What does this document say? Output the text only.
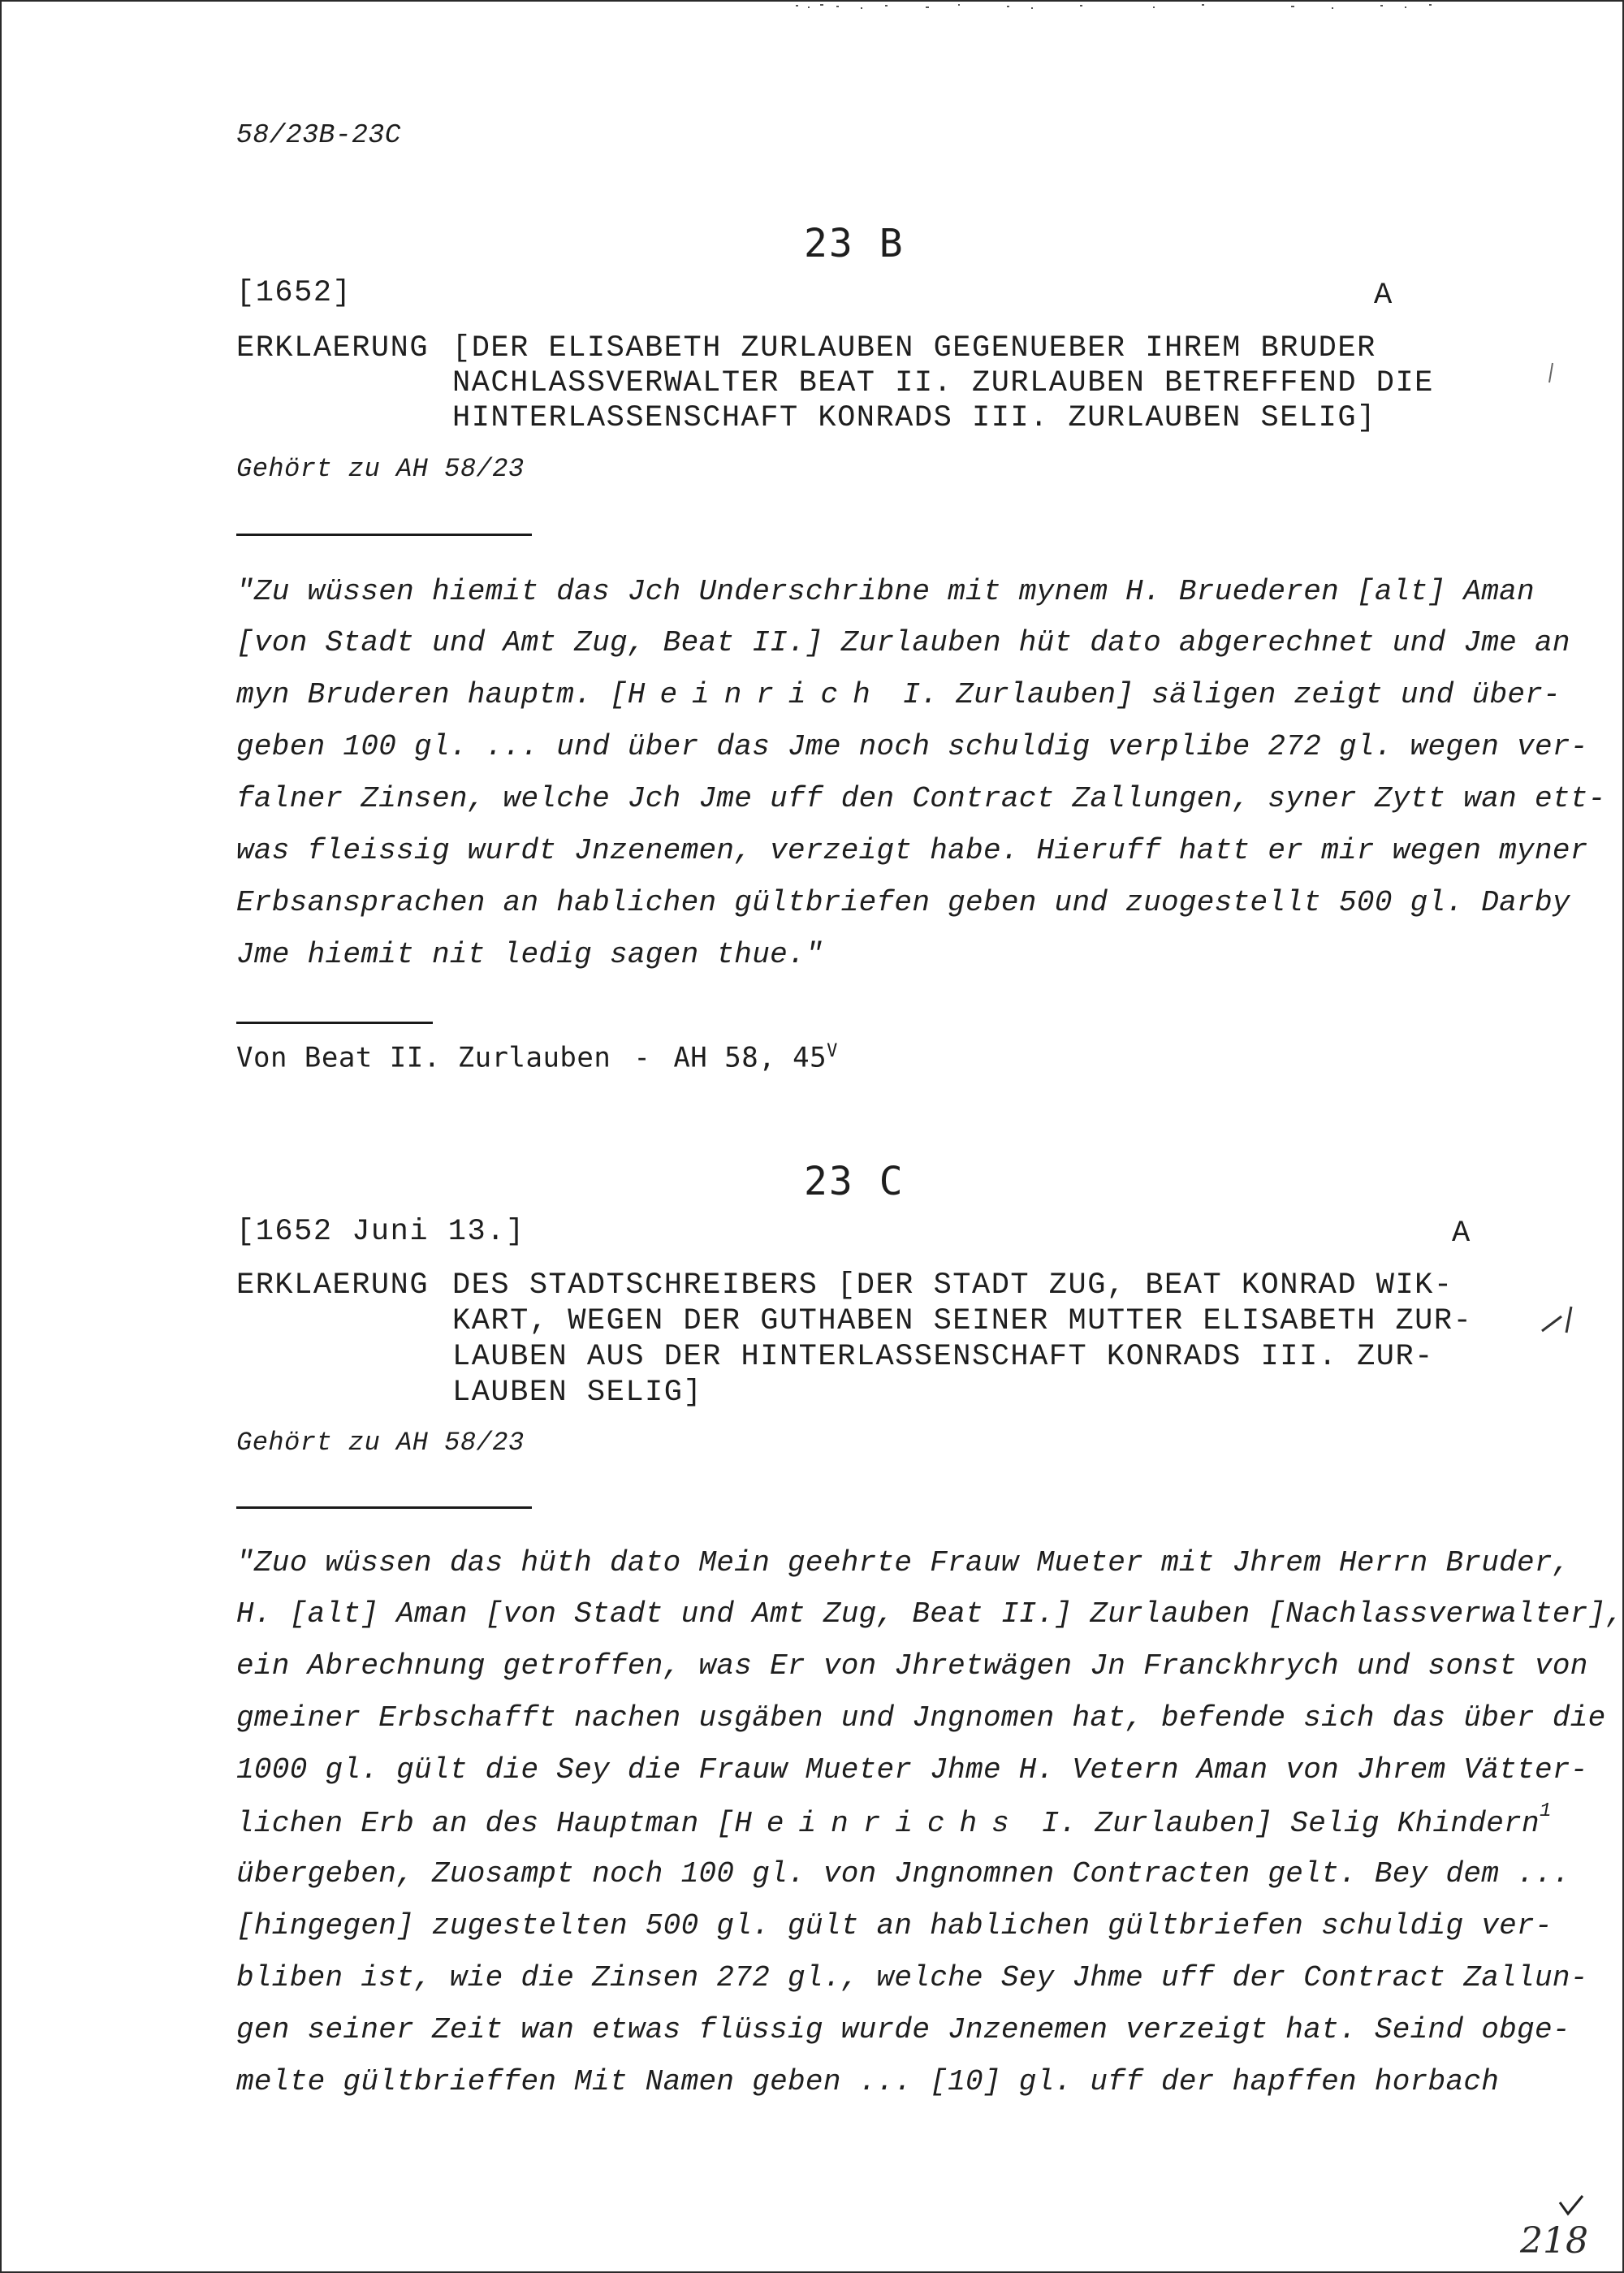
58/23B-23C
23 B
[1652]	A
ERKLAERUNG [DER ELISABETH ZURLAUBEN GEGENUEBER IHREM BRUDER
NACHLASSVERWALTER BEAT II. ZURLAUBEN BETREFFEND DIE
HINTERLASSENSCHAFT KONRADS III. ZURLAUBEN SELIG]
Gehört zu AH 58/23
"Zu wüssen hiemit das Jch Underschribne mit mynem H. Bruederen [alt] Aman
[von Stadt und Amt Zug, Beat II.] Zurlauben hüt dato abgerechnet und Jme an
myn Bruderen hauptm. [Heinrich I. Zurlauben] säligen zeigt und über-
geben 100 gl. ... und über das Jme noch schuldig verplibe 272 gl. wegen ver-
falner Zinsen, welche Jch Jme uff den Contract Zallungen, syner Zytt wan ett-
was fleissig wurdt Jnzenemen, verzeigt habe. Hieruff hatt er mir wegen myner
Erbsansprachen an hablichen gültbriefen geben und zuogestellt 500 gl. Darby
Jme hiemit nit ledig sagen thue."
Von Beat II. Zurlauben - AH 58, $45^V$
23 C
[1652 Juni 13.]	A
ERKLAERUNG DES STADTSCHREIBERS [DER STADT ZUG, BEAT KONRAD WIK-
KART, WEGEN DER GUTHABEN SEINER MUTTER ELISABETH ZUR-
LAUBEN AUS DER HINTERLASSENSCHAFT KONRADS III. ZUR-
LAUBEN SELIG]
Gehört zu AH 58/23
"Zuo wüssen das hüth dato Mein geehrte Frauw Mueter mit Jhrem Herrn Bruder,
H. [alt] Aman [von Stadt und Amt Zug, Beat II.] Zurlauben [Nachlassverwalter],
ein Abrechnung getroffen, was Er von Jhretwägen Jn Franckhrych und sonst von
gmeiner Erbschafft nachen usgäben und Jngnomen hat, befende sich das über die
1000 gl. gült die Sey die Frauw Mueter Jhme H. Vetern Aman von Jhrem Vätter-
lichen Erb an des Hauptman [Heinrichs I. Zurlauben] Selig Khindern$^1$
übergeben, Zuosampt noch 100 gl. von Jngnomnen Contracten gelt. Bey dem ...
[hingegen] zugestelten 500 gl. gült an hablichen gültbriefen schuldig ver-
bliben ist, wie die Zinsen 272 gl., welche Sey Jhme uff der Contract Zallun-
gen seiner Zeit wan etwas flüssig wurde Jnzenemen verzeigt hat. Seind obge-
melte gültbrieffen Mit Namen geben ... [10] gl. uff der hapffen horbach
218
